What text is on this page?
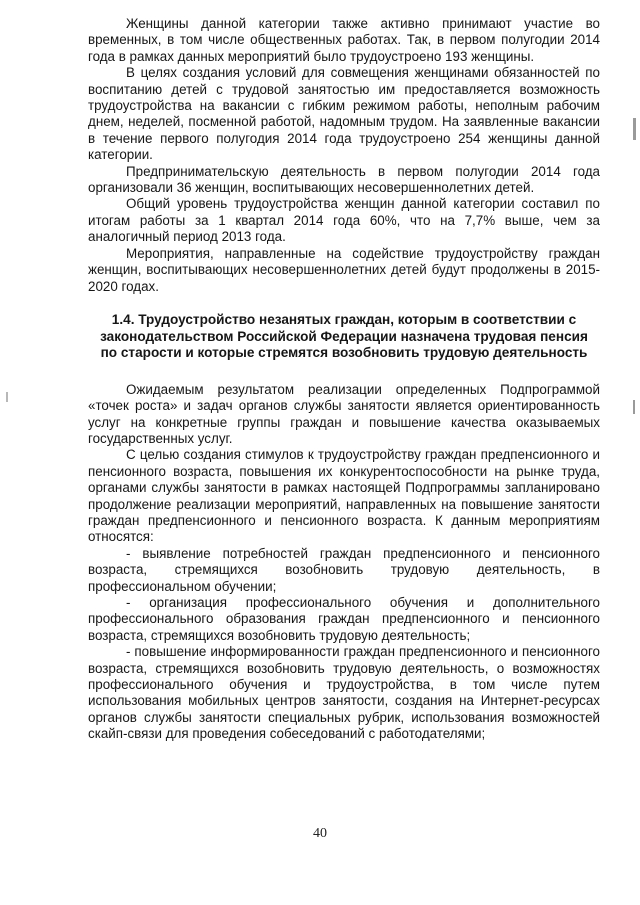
Женщины данной категории также активно принимают участие во временных, в том числе общественных работах. Так, в первом полугодии 2014 года в рамках данных мероприятий было трудоустроено 193 женщины.

В целях создания условий для совмещения женщинами обязанностей по воспитанию детей с трудовой занятостью им предоставляется возможность трудоустройства на вакансии с гибким режимом работы, неполным рабочим днем, неделей, посменной работой, надомным трудом. На заявленные вакансии в течение первого полугодия 2014 года трудоустроено 254 женщины данной категории.

Предпринимательскую деятельность в первом полугодии 2014 года организовали 36 женщин, воспитывающих несовершеннолетних детей.

Общий уровень трудоустройства женщин данной категории составил по итогам работы за 1 квартал 2014 года 60%, что на 7,7% выше, чем за аналогичный период 2013 года.

Мероприятия, направленные на содействие трудоустройству граждан женщин, воспитывающих несовершеннолетних детей будут продолжены в 2015-2020 годах.

1.4. Трудоустройство незанятых граждан, которым в соответствии с законодательством Российской Федерации назначена трудовая пенсия по старости и которые стремятся возобновить трудовую деятельность

Ожидаемым результатом реализации определенных Подпрограммой «точек роста» и задач органов службы занятости является ориентированность услуг на конкретные группы граждан и повышение качества оказываемых государственных услуг.

С целью создания стимулов к трудоустройству граждан предпенсионного и пенсионного возраста, повышения их конкурентоспособности на рынке труда, органами службы занятости в рамках настоящей Подпрограммы запланировано продолжение реализации мероприятий, направленных на повышение занятости граждан предпенсионного и пенсионного возраста. К данным мероприятиям относятся:

- выявление потребностей граждан предпенсионного и пенсионного возраста, стремящихся возобновить трудовую деятельность, в профессиональном обучении;

- организация профессионального обучения и дополнительного профессионального образования граждан предпенсионного и пенсионного возраста, стремящихся возобновить трудовую деятельность;

- повышение информированности граждан предпенсионного и пенсионного возраста, стремящихся возобновить трудовую деятельность, о возможностях профессионального обучения и трудоустройства, в том числе путем использования мобильных центров занятости, создания на Интернет-ресурсах органов службы занятости специальных рубрик, использования возможностей скайп-связи для проведения собеседований с работодателями;

40
